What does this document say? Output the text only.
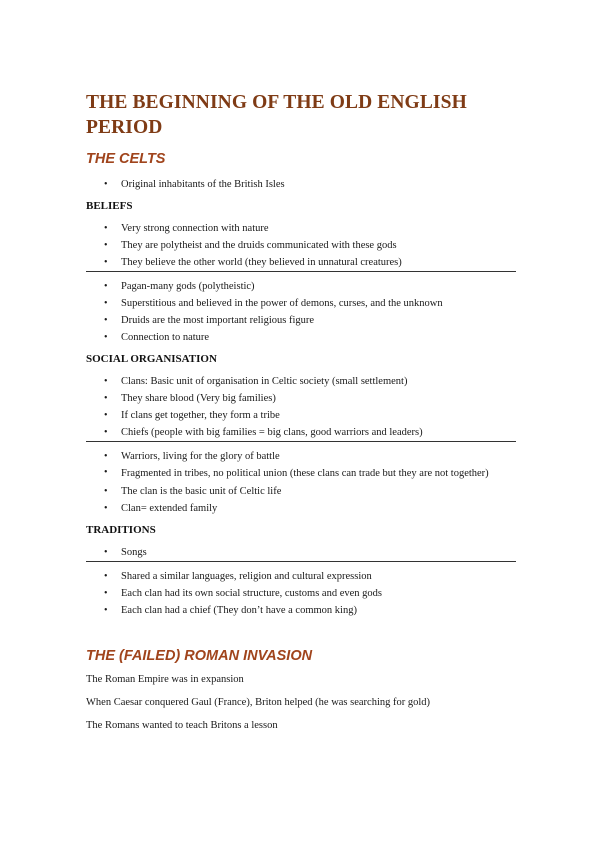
THE BEGINNING OF THE OLD ENGLISH PERIOD
THE CELTS
• Original inhabitants of the British Isles
BELIEFS
• Very strong connection with nature
• They are polytheist and the druids communicated with these gods
• They believe the other world (they believed in unnatural creatures)
• Pagan-many gods (polytheistic)
• Superstitious and believed in the power of demons, curses, and the unknown
• Druids are the most important religious figure
• Connection to nature
SOCIAL ORGANISATION
• Clans: Basic unit of organisation in Celtic society (small settlement)
• They share blood (Very big families)
• If clans get together, they form a tribe
• Chiefs (people with big families = big clans, good warriors and leaders)
• Warriors, living for the glory of battle
• Fragmented in tribes, no political union (these clans can trade but they are not together)
• The clan is the basic unit of Celtic life
• Clan= extended family
TRADITIONS
• Songs
• Shared a similar languages, religion and cultural expression
• Each clan had its own social structure, customs and even gods
• Each clan had a chief (They don’t have a common king)
THE (FAILED) ROMAN INVASION

The Roman Empire was in expansion

When Caesar conquered Gaul (France), Briton helped (he was searching for gold)

The Romans wanted to teach Britons a lesson
